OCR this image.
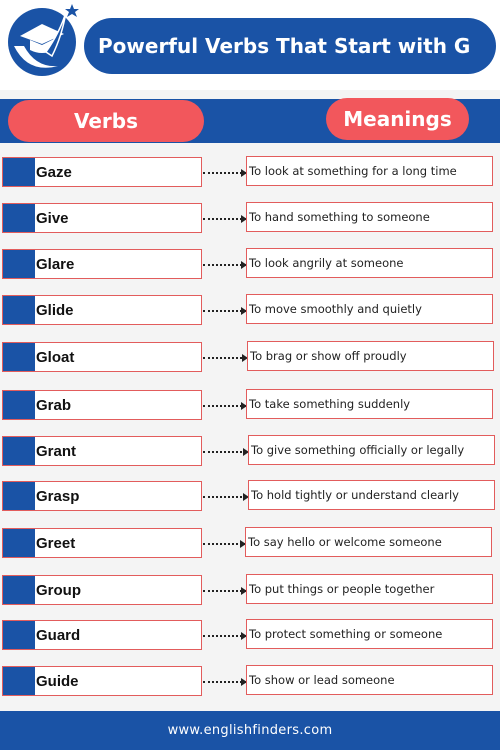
Powerful Verbs That Start with G
Verbs	Meanings
Gaze	To look at something for a long time
Give	To hand something to someone
Glare	To look angrily at someone
Glide	To move smoothly and quietly
Gloat	To brag or show off proudly
Grab	To take something suddenly
Grant	To give something officially or legally
Grasp	To hold tightly or understand clearly
Greet	To say hello or welcome someone
Group	To put things or people together
Guard	To protect something or someone
Guide	To show or lead someone
www.englishfinders.com
